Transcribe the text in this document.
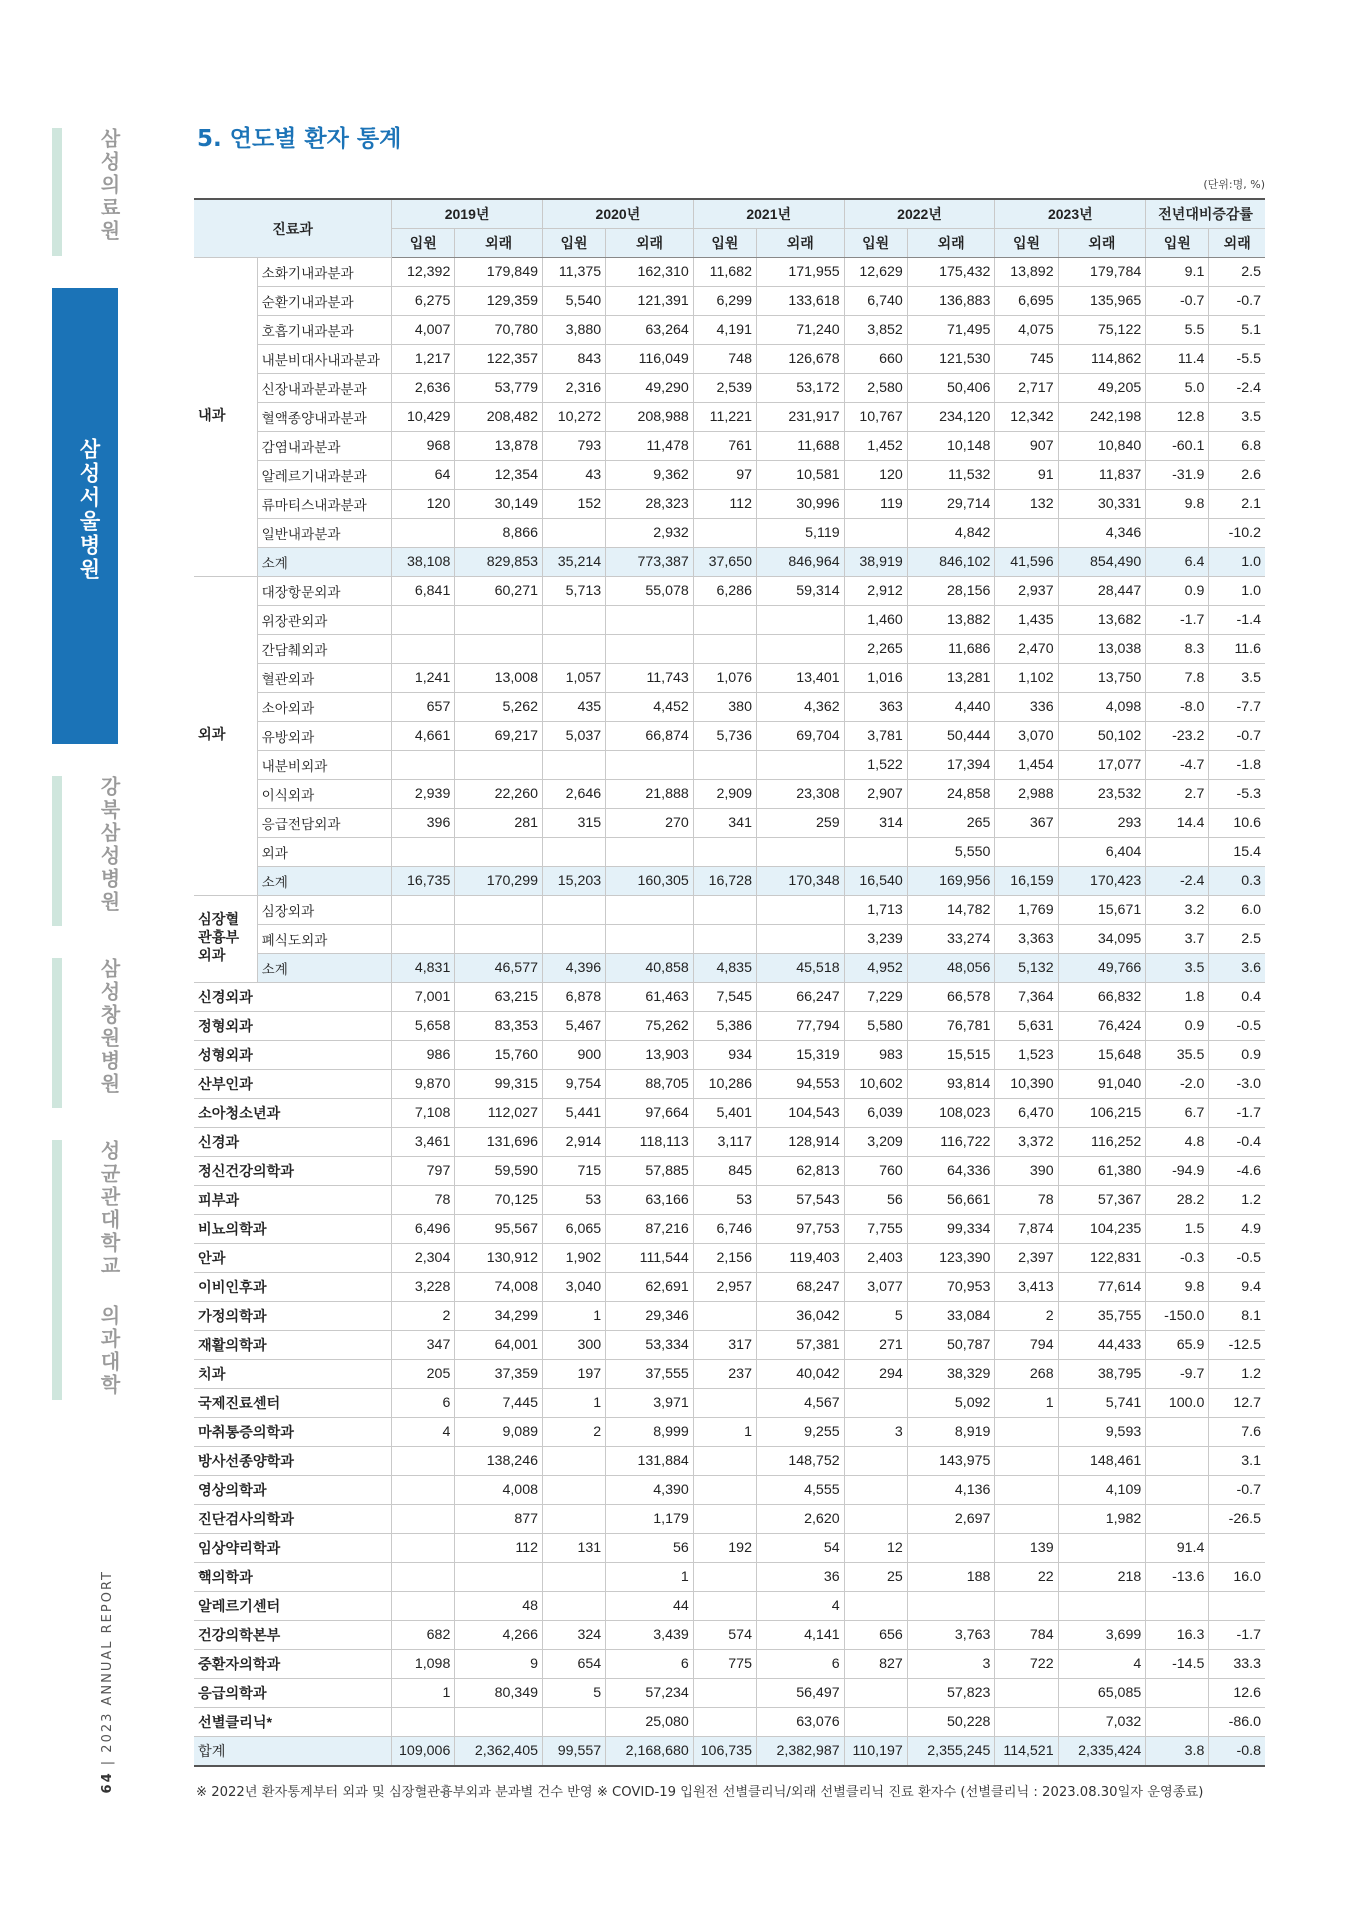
삼성의료원
삼성서울병원
강북삼성병원
삼성창원병원
성균관대학교 의과대학
64 | 2023 ANNUAL REPORT
5. 연도별 환자 통계
(단위:명, %)
진료과		2019년		2020년		2021년		2022년		2023년		전년대비증감률	
		입원	외래	입원	외래	입원	외래	입원	외래	입원	외래	입원	외래
내과	소화기내과분과	12,392	179,849	11,375	162,310	11,682	171,955	12,629	175,432	13,892	179,784	9.1	2.5
	순환기내과분과	6,275	129,359	5,540	121,391	6,299	133,618	6,740	136,883	6,695	135,965	-0.7	-0.7
	호흡기내과분과	4,007	70,780	3,880	63,264	4,191	71,240	3,852	71,495	4,075	75,122	5.5	5.1
	내분비대사내과분과	1,217	122,357	843	116,049	748	126,678	660	121,530	745	114,862	11.4	-5.5
	신장내과분과분과	2,636	53,779	2,316	49,290	2,539	53,172	2,580	50,406	2,717	49,205	5.0	-2.4
	혈액종양내과분과	10,429	208,482	10,272	208,988	11,221	231,917	10,767	234,120	12,342	242,198	12.8	3.5
	감염내과분과	968	13,878	793	11,478	761	11,688	1,452	10,148	907	10,840	-60.1	6.8
	알레르기내과분과	64	12,354	43	9,362	97	10,581	120	11,532	91	11,837	-31.9	2.6
	류마티스내과분과	120	30,149	152	28,323	112	30,996	119	29,714	132	30,331	9.8	2.1
	일반내과분과		8,866		2,932		5,119		4,842		4,346		-10.2
	소계	38,108	829,853	35,214	773,387	37,650	846,964	38,919	846,102	41,596	854,490	6.4	1.0
외과	대장항문외과	6,841	60,271	5,713	55,078	6,286	59,314	2,912	28,156	2,937	28,447	0.9	1.0
	위장관외과							1,460	13,882	1,435	13,682	-1.7	-1.4
	간담췌외과							2,265	11,686	2,470	13,038	8.3	11.6
	혈관외과	1,241	13,008	1,057	11,743	1,076	13,401	1,016	13,281	1,102	13,750	7.8	3.5
	소아외과	657	5,262	435	4,452	380	4,362	363	4,440	336	4,098	-8.0	-7.7
	유방외과	4,661	69,217	5,037	66,874	5,736	69,704	3,781	50,444	3,070	50,102	-23.2	-0.7
	내분비외과							1,522	17,394	1,454	17,077	-4.7	-1.8
	이식외과	2,939	22,260	2,646	21,888	2,909	23,308	2,907	24,858	2,988	23,532	2.7	-5.3
	응급전담외과	396	281	315	270	341	259	314	265	367	293	14.4	10.6
	외과								5,550		6,404		15.4
	소계	16,735	170,299	15,203	160,305	16,728	170,348	16,540	169,956	16,159	170,423	-2.4	0.3
심장혈관흉부외과	심장외과							1,713	14,782	1,769	15,671	3.2	6.0
	폐식도외과							3,239	33,274	3,363	34,095	3.7	2.5
	소계	4,831	46,577	4,396	40,858	4,835	45,518	4,952	48,056	5,132	49,766	3.5	3.6
신경외과		7,001	63,215	6,878	61,463	7,545	66,247	7,229	66,578	7,364	66,832	1.8	0.4
정형외과		5,658	83,353	5,467	75,262	5,386	77,794	5,580	76,781	5,631	76,424	0.9	-0.5
성형외과		986	15,760	900	13,903	934	15,319	983	15,515	1,523	15,648	35.5	0.9
산부인과		9,870	99,315	9,754	88,705	10,286	94,553	10,602	93,814	10,390	91,040	-2.0	-3.0
소아청소년과		7,108	112,027	5,441	97,664	5,401	104,543	6,039	108,023	6,470	106,215	6.7	-1.7
신경과		3,461	131,696	2,914	118,113	3,117	128,914	3,209	116,722	3,372	116,252	4.8	-0.4
정신건강의학과		797	59,590	715	57,885	845	62,813	760	64,336	390	61,380	-94.9	-4.6
피부과		78	70,125	53	63,166	53	57,543	56	56,661	78	57,367	28.2	1.2
비뇨의학과		6,496	95,567	6,065	87,216	6,746	97,753	7,755	99,334	7,874	104,235	1.5	4.9
안과		2,304	130,912	1,902	111,544	2,156	119,403	2,403	123,390	2,397	122,831	-0.3	-0.5
이비인후과		3,228	74,008	3,040	62,691	2,957	68,247	3,077	70,953	3,413	77,614	9.8	9.4
가정의학과		2	34,299	1	29,346		36,042	5	33,084	2	35,755	-150.0	8.1
재활의학과		347	64,001	300	53,334	317	57,381	271	50,787	794	44,433	65.9	-12.5
치과		205	37,359	197	37,555	237	40,042	294	38,329	268	38,795	-9.7	1.2
국제진료센터		6	7,445	1	3,971		4,567		5,092	1	5,741	100.0	12.7
마취통증의학과		4	9,089	2	8,999	1	9,255	3	8,919		9,593		7.6
방사선종양학과			138,246		131,884		148,752		143,975		148,461		3.1
영상의학과			4,008		4,390		4,555		4,136		4,109		-0.7
진단검사의학과			877		1,179		2,620		2,697		1,982		-26.5
임상약리학과			112	131	56	192	54	12		139		91.4	
핵의학과					1		36	25	188	22	218	-13.6	16.0
알레르기센터			48		44		4						
건강의학본부		682	4,266	324	3,439	574	4,141	656	3,763	784	3,699	16.3	-1.7
중환자의학과		1,098	9	654	6	775	6	827	3	722	4	-14.5	33.3
응급의학과		1	80,349	5	57,234		56,497		57,823		65,085		12.6
선별클리닉*					25,080		63,076		50,228		7,032		-86.0
합계		109,006	2,362,405	99,557	2,168,680	106,735	2,382,987	110,197	2,355,245	114,521	2,335,424	3.8	-0.8
※ 2022년 환자통계부터 외과 및 심장혈관흉부외과 분과별 건수 반영 ※ COVID-19 입원전 선별클리닉/외래 선별클리닉 진료 환자수 (선별클리닉 : 2023.08.30일자 운영종료)
